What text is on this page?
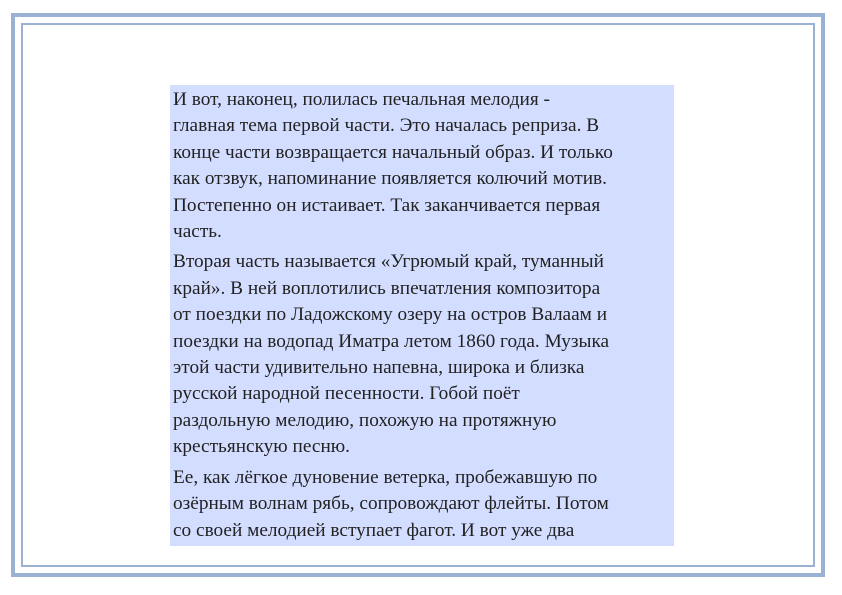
И вот, наконец, полилась печальная мелодия -
главная тема первой части. Это началась реприза. В
конце части возвращается начальный образ. И только
как отзвук, напоминание появляется колючий мотив.
Постепенно он истаивает. Так заканчивается первая
часть.

Вторая часть называется «Угрюмый край, туманный
край». В ней воплотились впечатления композитора
от поездки по Ладожскому озеру на остров Валаам и
поездки на водопад Иматра летом 1860 года. Музыка
этой части удивительно напевна, широка и близка
русской народной песенности. Гобой поёт
раздольную мелодию, похожую на протяжную
крестьянскую песню.

Ее, как лёгкое дуновение ветерка, пробежавшую по
озёрным волнам рябь, сопровождают флейты. Потом
со своей мелодией вступает фагот. И вот уже два
